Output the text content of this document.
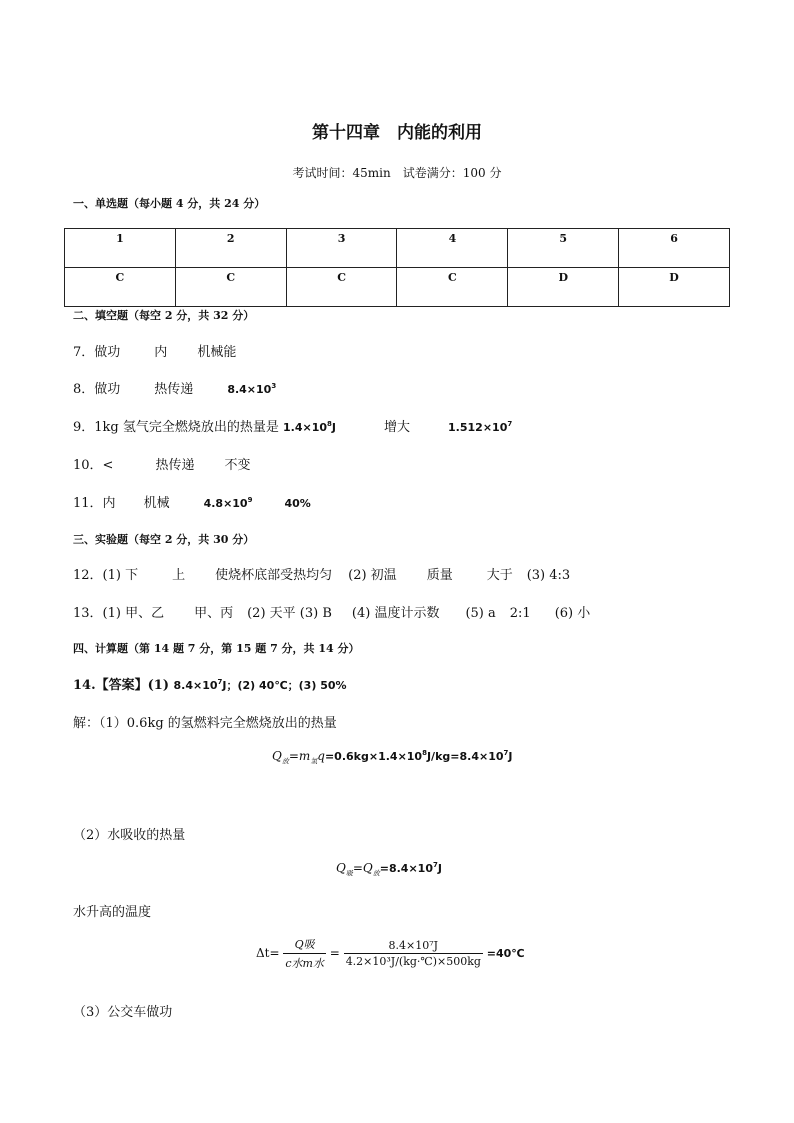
第十四章　内能的利用
考试时间：45min　试卷满分：100 分
一、单选题（每小题 4 分，共 24 分）
1	2	3	4	5	6
C	C	C	C	D	D
二、填空题（每空 2 分，共 32 分）
7．做功	内 机械能
8．做功	热传递	$8.4\times 10^3$
9．1kg 氢气完全燃烧放出的热量是 $1.4\times 10^8J$	增大	$1.512\times 10^7$
10．<	热传递 不变
11．内 机械	$4.8\times 10^9$	40%
三、实验题（每空 2 分，共 30 分）
12．(1) 下	上 使烧杯底部受热均匀 (2) 初温 质量	大于 (3) 4:3
13．(1) 甲、乙 甲、丙 (2) 天平 (3) B (4) 温度计示数 (5) a 2:1 (6) 小
四、计算题（第 14 题 7 分，第 15 题 7 分，共 14 分）
14.【答案】(1) $8.4\times 10^7J$；(2) 40℃；(3) 50%
解：（1）0.6kg 的氢燃料完全燃烧放出的热量
$Q_放=m_氢q=0.6kg\times 1.4\times 10^8J/kg=8.4\times 10^7J$
（2）水吸收的热量
$Q_吸=Q_放=8.4\times 10^7J$
水升高的温度
$\Delta t= \frac{\text{Q吸}}{\text{c水m水}} = \frac{\text{8.4×10⁷J}}{\text{4.2×10³J/(kg·℃)×500kg}}$ =40℃
（3）公交车做功
